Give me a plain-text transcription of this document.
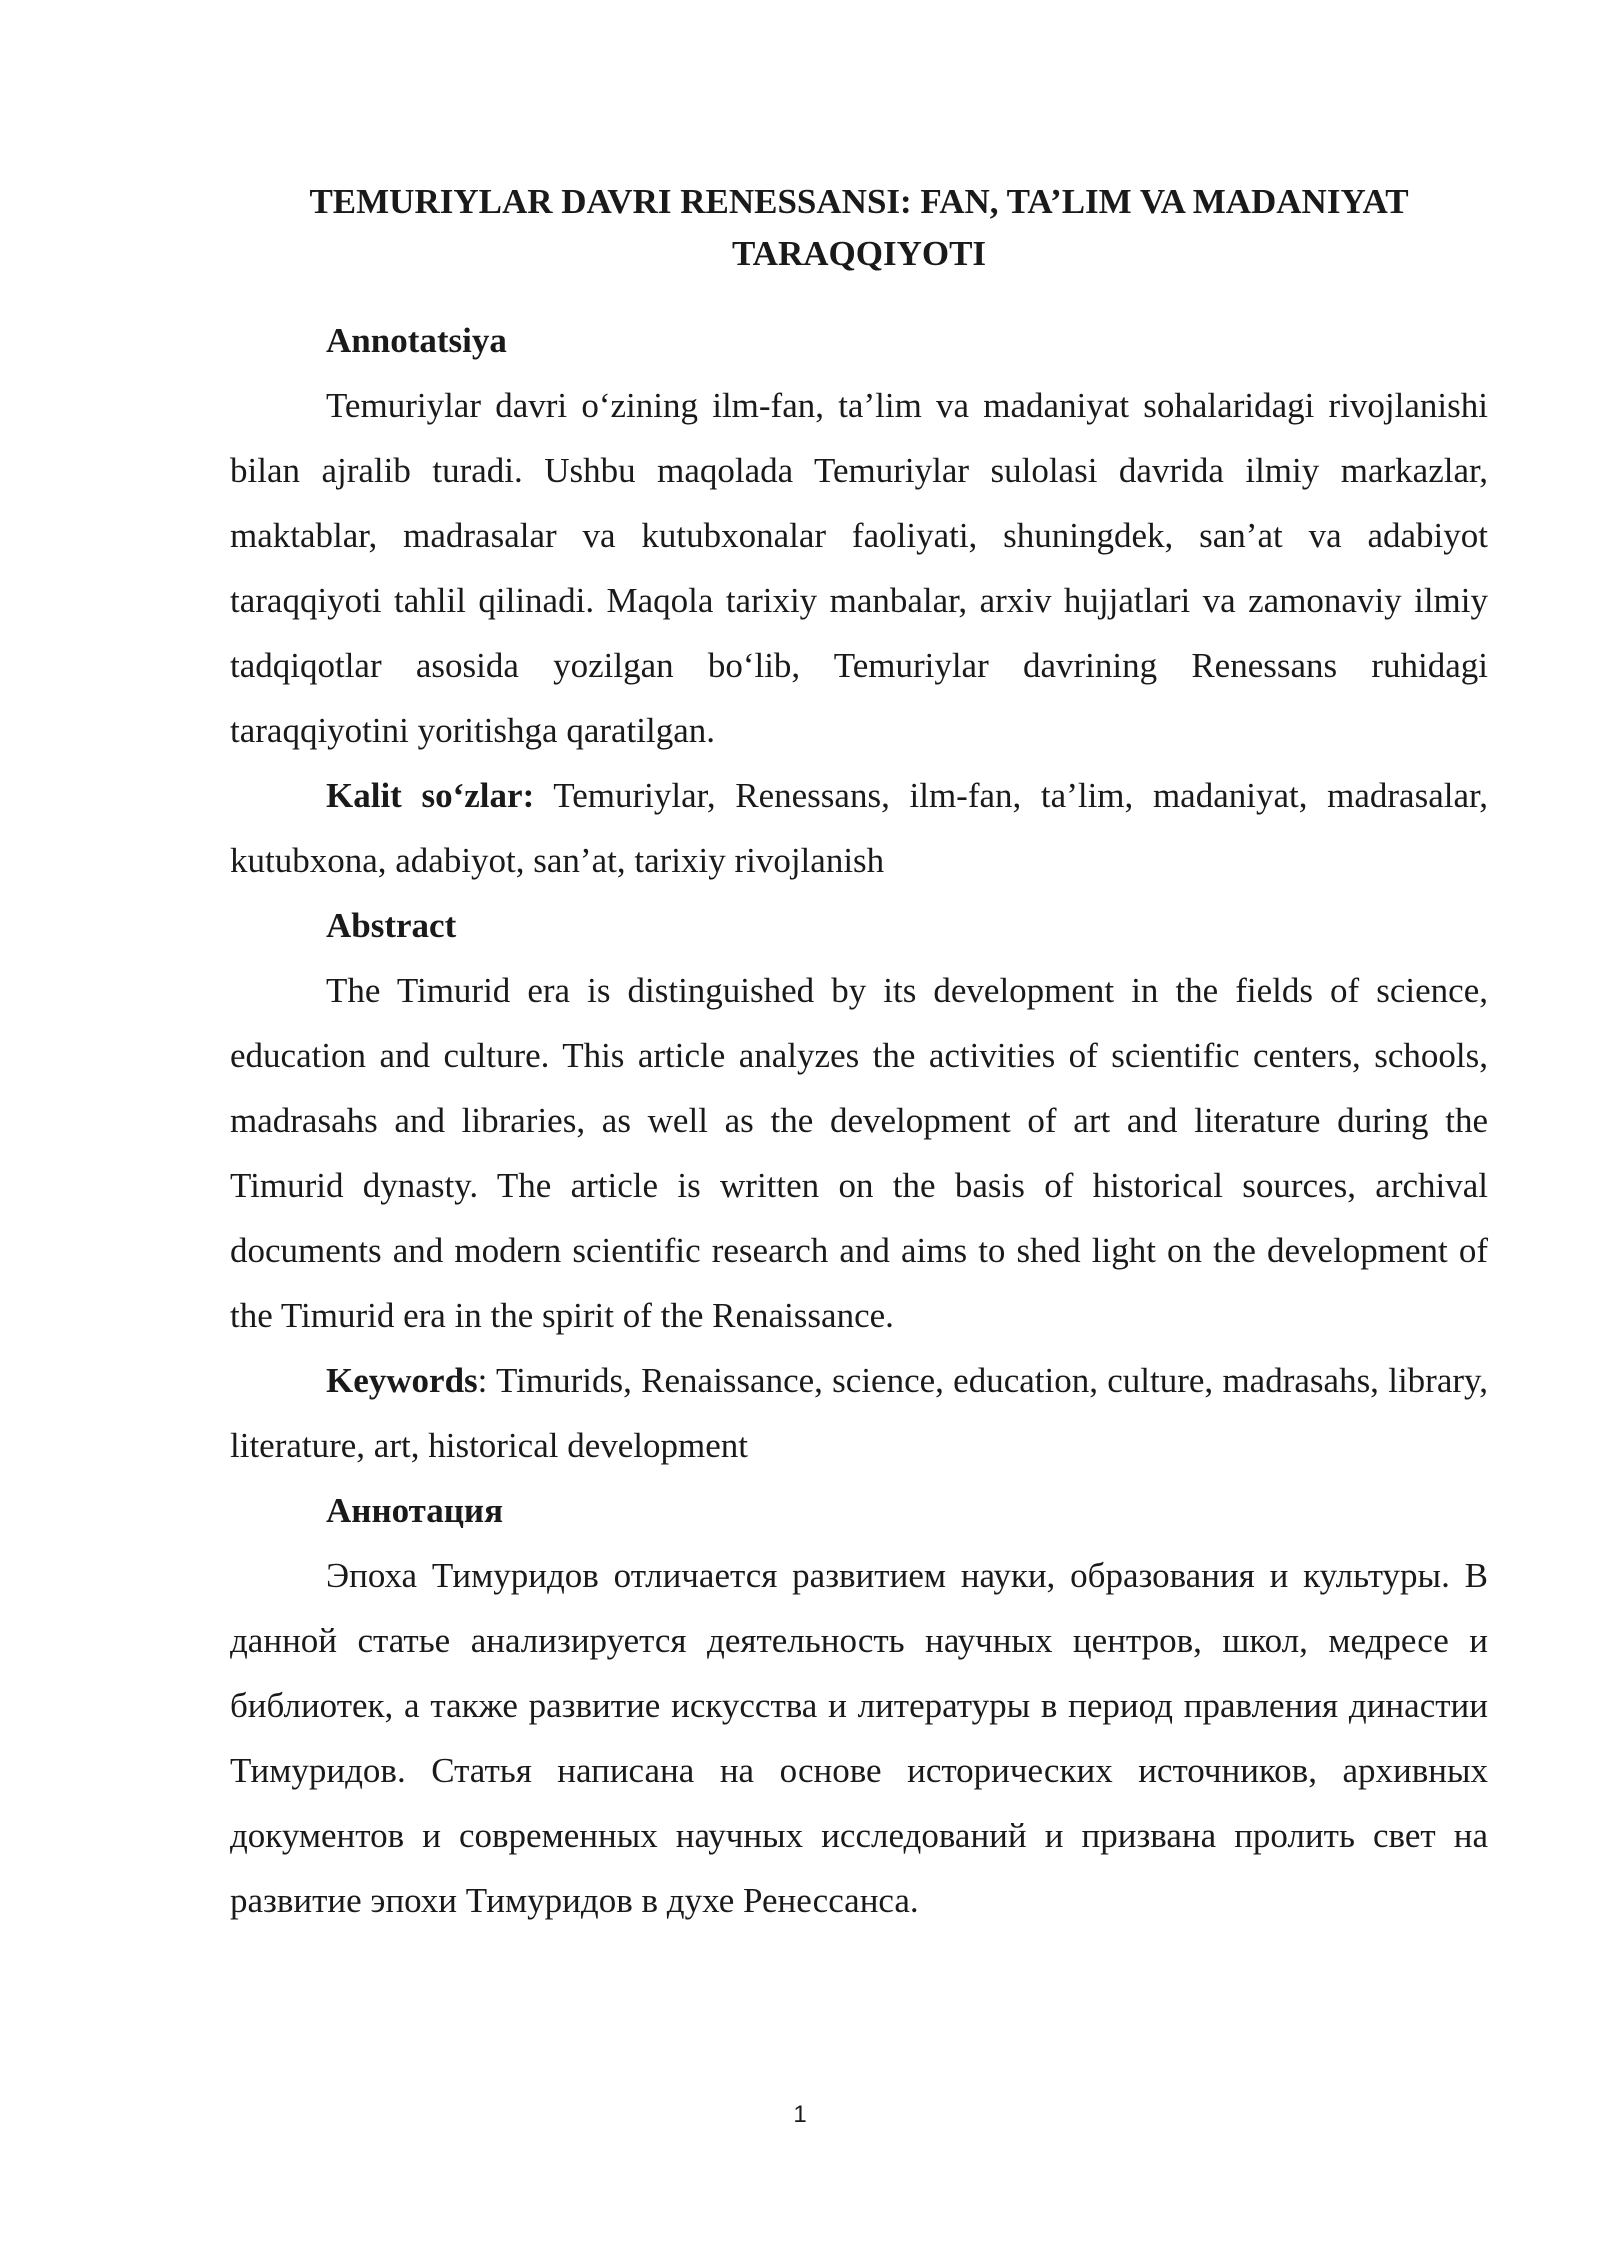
TEMURIYLAR DAVRI RENESSANSI: FAN, TA’LIM VA MADANIYAT TARAQQIYOTI

Annotatsiya

Temuriylar davri o‘zining ilm-fan, ta’lim va madaniyat sohalaridagi rivojlanishi bilan ajralib turadi. Ushbu maqolada Temuriylar sulolasi davrida ilmiy markazlar, maktablar, madrasalar va kutubxonalar faoliyati, shuningdek, san’at va adabiyot taraqqiyoti tahlil qilinadi. Maqola tarixiy manbalar, arxiv hujjatlari va zamonaviy ilmiy tadqiqotlar asosida yozilgan bo‘lib, Temuriylar davrining Renessans ruhidagi taraqqiyotini yoritishga qaratilgan.

Kalit so‘zlar: Temuriylar, Renessans, ilm-fan, ta’lim, madaniyat, madrasalar, kutubxona, adabiyot, san’at, tarixiy rivojlanish

Abstract

The Timurid era is distinguished by its development in the fields of science, education and culture. This article analyzes the activities of scientific centers, schools, madrasahs and libraries, as well as the development of art and literature during the Timurid dynasty. The article is written on the basis of historical sources, archival documents and modern scientific research and aims to shed light on the development of the Timurid era in the spirit of the Renaissance.

Keywords: Timurids, Renaissance, science, education, culture, madrasahs, library, literature, art, historical development

Аннотация

Эпоха Тимуридов отличается развитием науки, образования и культуры. В данной статье анализируется деятельность научных центров, школ, медресе и библиотек, а также развитие искусства и литературы в период правления династии Тимуридов. Статья написана на основе исторических источников, архивных документов и современных научных исследований и призвана пролить свет на развитие эпохи Тимуридов в духе Ренессанса.

1
